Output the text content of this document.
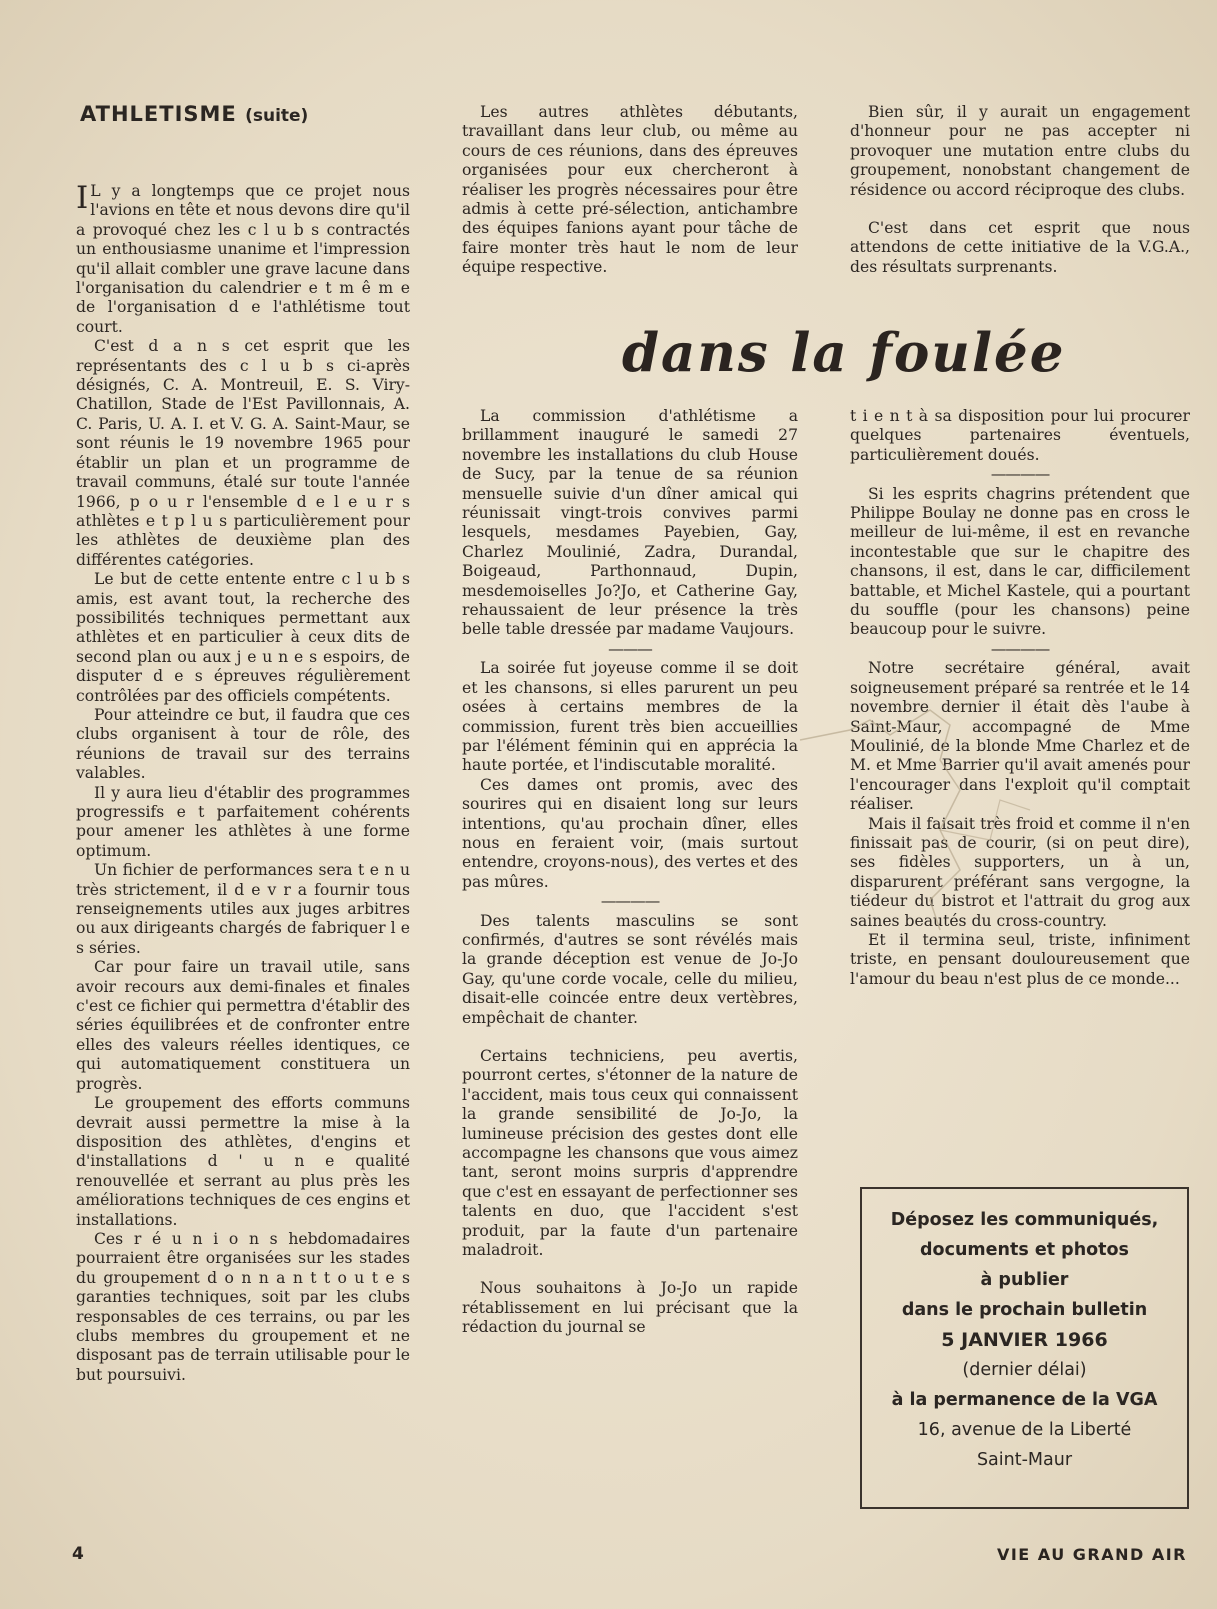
ATHLETISME (suite)

I L y a longtemps que ce projet nous l'avions en tête et nous devons dire qu'il a provoqué chez les c l u b s contractés un enthousiasme unanime et l'impression qu'il allait combler une grave lacune dans l'organisation du calendrier e t m ê m e de l'organisation d e l'athlétisme tout court.

C'est d a n s cet esprit que les représentants des c l u b s ci-après désignés, C. A. Montreuil, E. S. Viry-Chatillon, Stade de l'Est Pavillonnais, A. C. Paris, U. A. I. et V. G. A. Saint-Maur, se sont réunis le 19 novembre 1965 pour établir un plan et un programme de travail communs, étalé sur toute l'année 1966, p o u r l'ensemble d e l e u r s athlètes e t p l u s particulièrement pour les athlètes de deuxième plan des différentes catégories.

Le but de cette entente entre c l u b s amis, est avant tout, la recherche des possibilités techniques permettant aux athlètes et en particulier à ceux dits de second plan ou aux j e u n e s espoirs, de disputer d e s épreuves régulièrement contrôlées par des officiels compétents.

Pour atteindre ce but, il faudra que ces clubs organisent à tour de rôle, des réunions de travail sur des terrains valables.

Il y aura lieu d'établir des programmes progressifs e t parfaitement cohérents pour amener les athlètes à une forme optimum.

Un fichier de performances sera t e n u très strictement, il d e v r a fournir tous renseignements utiles aux juges arbitres ou aux dirigeants chargés de fabriquer l e s séries.

Car pour faire un travail utile, sans avoir recours aux demi-finales et finales c'est ce fichier qui permettra d'établir des séries équilibrées et de confronter entre elles des valeurs réelles identiques, ce qui automatiquement constituera un progrès.

Le groupement des efforts communs devrait aussi permettre la mise à la disposition des athlètes, d'engins et d'installations d ' u n e qualité renouvellée et serrant au plus près les améliorations techniques de ces engins et installations.

Ces r é u n i o n s hebdomadaires pourraient être organisées sur les stades du groupement d o n n a n t t o u t e s garanties techniques, soit par les clubs responsables de ces terrains, ou par les clubs membres du groupement et ne disposant pas de terrain utilisable pour le but poursuivi.

Les autres athlètes débutants, travaillant dans leur club, ou même au cours de ces réunions, dans des épreuves organisées pour eux chercheront à réaliser les progrès nécessaires pour être admis à cette pré-sélection, antichambre des équipes fanions ayant pour tâche de faire monter très haut le nom de leur équipe respective.

Bien sûr, il y aurait un engagement d'honneur pour ne pas accepter ni provoquer une mutation entre clubs du groupement, nonobstant changement de résidence ou accord réciproque des clubs.

C'est dans cet esprit que nous attendons de cette initiative de la V.G.A., des résultats surprenants.

dans la foulée

La commission d'athlétisme a brillamment inauguré le samedi 27 novembre les installations du club House de Sucy, par la tenue de sa réunion mensuelle suivie d'un dîner amical qui réunissait vingt-trois convives parmi lesquels, mesdames Payebien, Gay, Charlez Moulinié, Zadra, Durandal, Boigeaud, Parthonnaud, Dupin, mesdemoiselles Jo?Jo, et Catherine Gay, rehaussaient de leur présence la très belle table dressée par madame Vaujours.

———

La soirée fut joyeuse comme il se doit et les chansons, si elles parurent un peu osées à certains membres de la commission, furent très bien accueillies par l'élément féminin qui en apprécia la haute portée, et l'indiscutable moralité.

Ces dames ont promis, avec des sourires qui en disaient long sur leurs intentions, qu'au prochain dîner, elles nous en feraient voir, (mais surtout entendre, croyons-nous), des vertes et des pas mûres.

————

Des talents masculins se sont confirmés, d'autres se sont révélés mais la grande déception est venue de Jo-Jo Gay, qu'une corde vocale, celle du milieu, disait-elle coincée entre deux vertèbres, empêchait de chanter.

Certains techniciens, peu avertis, pourront certes, s'étonner de la nature de l'accident, mais tous ceux qui connaissent la grande sensibilité de Jo-Jo, la lumineuse précision des gestes dont elle accompagne les chansons que vous aimez tant, seront moins surpris d'apprendre que c'est en essayant de perfectionner ses talents en duo, que l'accident s'est produit, par la faute d'un partenaire maladroit.

Nous souhaitons à Jo-Jo un rapide rétablissement en lui précisant que la rédaction du journal se

t i e n t à sa disposition pour lui procurer quelques partenaires éventuels, particulièrement doués.

————

Si les esprits chagrins prétendent que Philippe Boulay ne donne pas en cross le meilleur de lui-même, il est en revanche incontestable que sur le chapitre des chansons, il est, dans le car, difficilement battable, et Michel Kastele, qui a pourtant du souffle (pour les chansons) peine beaucoup pour le suivre.

————

Notre secrétaire général, avait soigneusement préparé sa rentrée et le 14 novembre dernier il était dès l'aube à Saint-Maur, accompagné de Mme Moulinié, de la blonde Mme Charlez et de M. et Mme Barrier qu'il avait amenés pour l'encourager dans l'exploit qu'il comptait réaliser.

Mais il faisait très froid et comme il n'en finissait pas de courir, (si on peut dire), ses fidèles supporters, un à un, disparurent préférant sans vergogne, la tiédeur du bistrot et l'attrait du grog aux saines beautés du cross-country.

Et il termina seul, triste, infiniment triste, en pensant douloureusement que l'amour du beau n'est plus de ce monde...

Déposez les communiqués,
documents et photos
à publier
dans le prochain bulletin
5 JANVIER 1966
(dernier délai)
à la permanence de la VGA
16, avenue de la Liberté
Saint-Maur
4	VIE AU GRAND AIR
